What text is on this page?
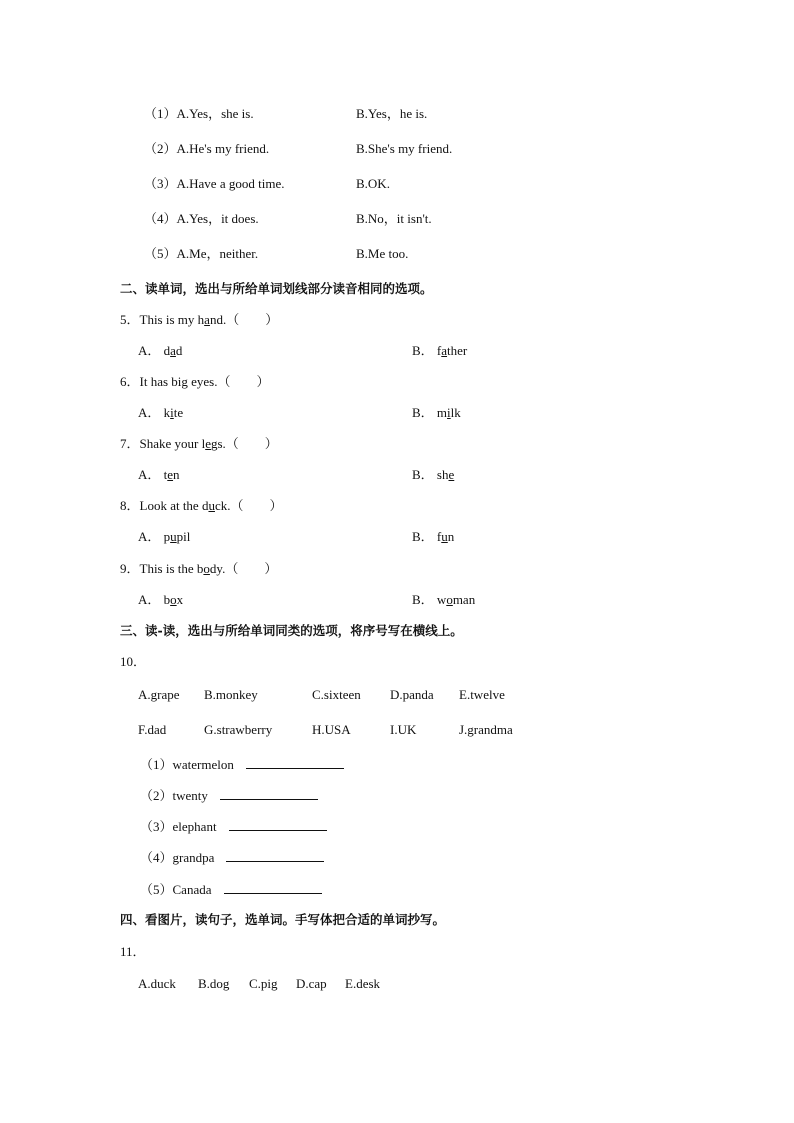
（1）A.Yes，she is.	B.Yes，he is.
（2）A.He's my friend.	B.She's my friend.
（3）A.Have a good time.	B.OK.
（4）A.Yes，it does.	B.No，it isn't.
（5）A.Me，neither.	B.Me too.
二、读单词，选出与所给单词划线部分读音相同的选项。
5．This is my hand.（　　）
A． dad	B． father
6．It has big eyes.（　　）
A． kite	B． milk
7．Shake your legs.（　　）
A． ten	B． she
8．Look at the duck.（　　）
A． pupil	B． fun
9．This is the body.（　　）
A． box	B． woman
三、读-读，选出与所给单词同类的选项，将序号写在横线上。
10．
A.grape B.monkey	C.sixteen D.panda E.twelve
F.dad	G.strawberry	H.USA	I.UK	J.grandma
（1）watermelon
（2）twenty
（3）elephant
（4）grandpa
（5）Canada
四、看图片，读句子，选单词。手写体把合适的单词抄写。
11．
A.duck B.dog C.pig D.cap E.desk
